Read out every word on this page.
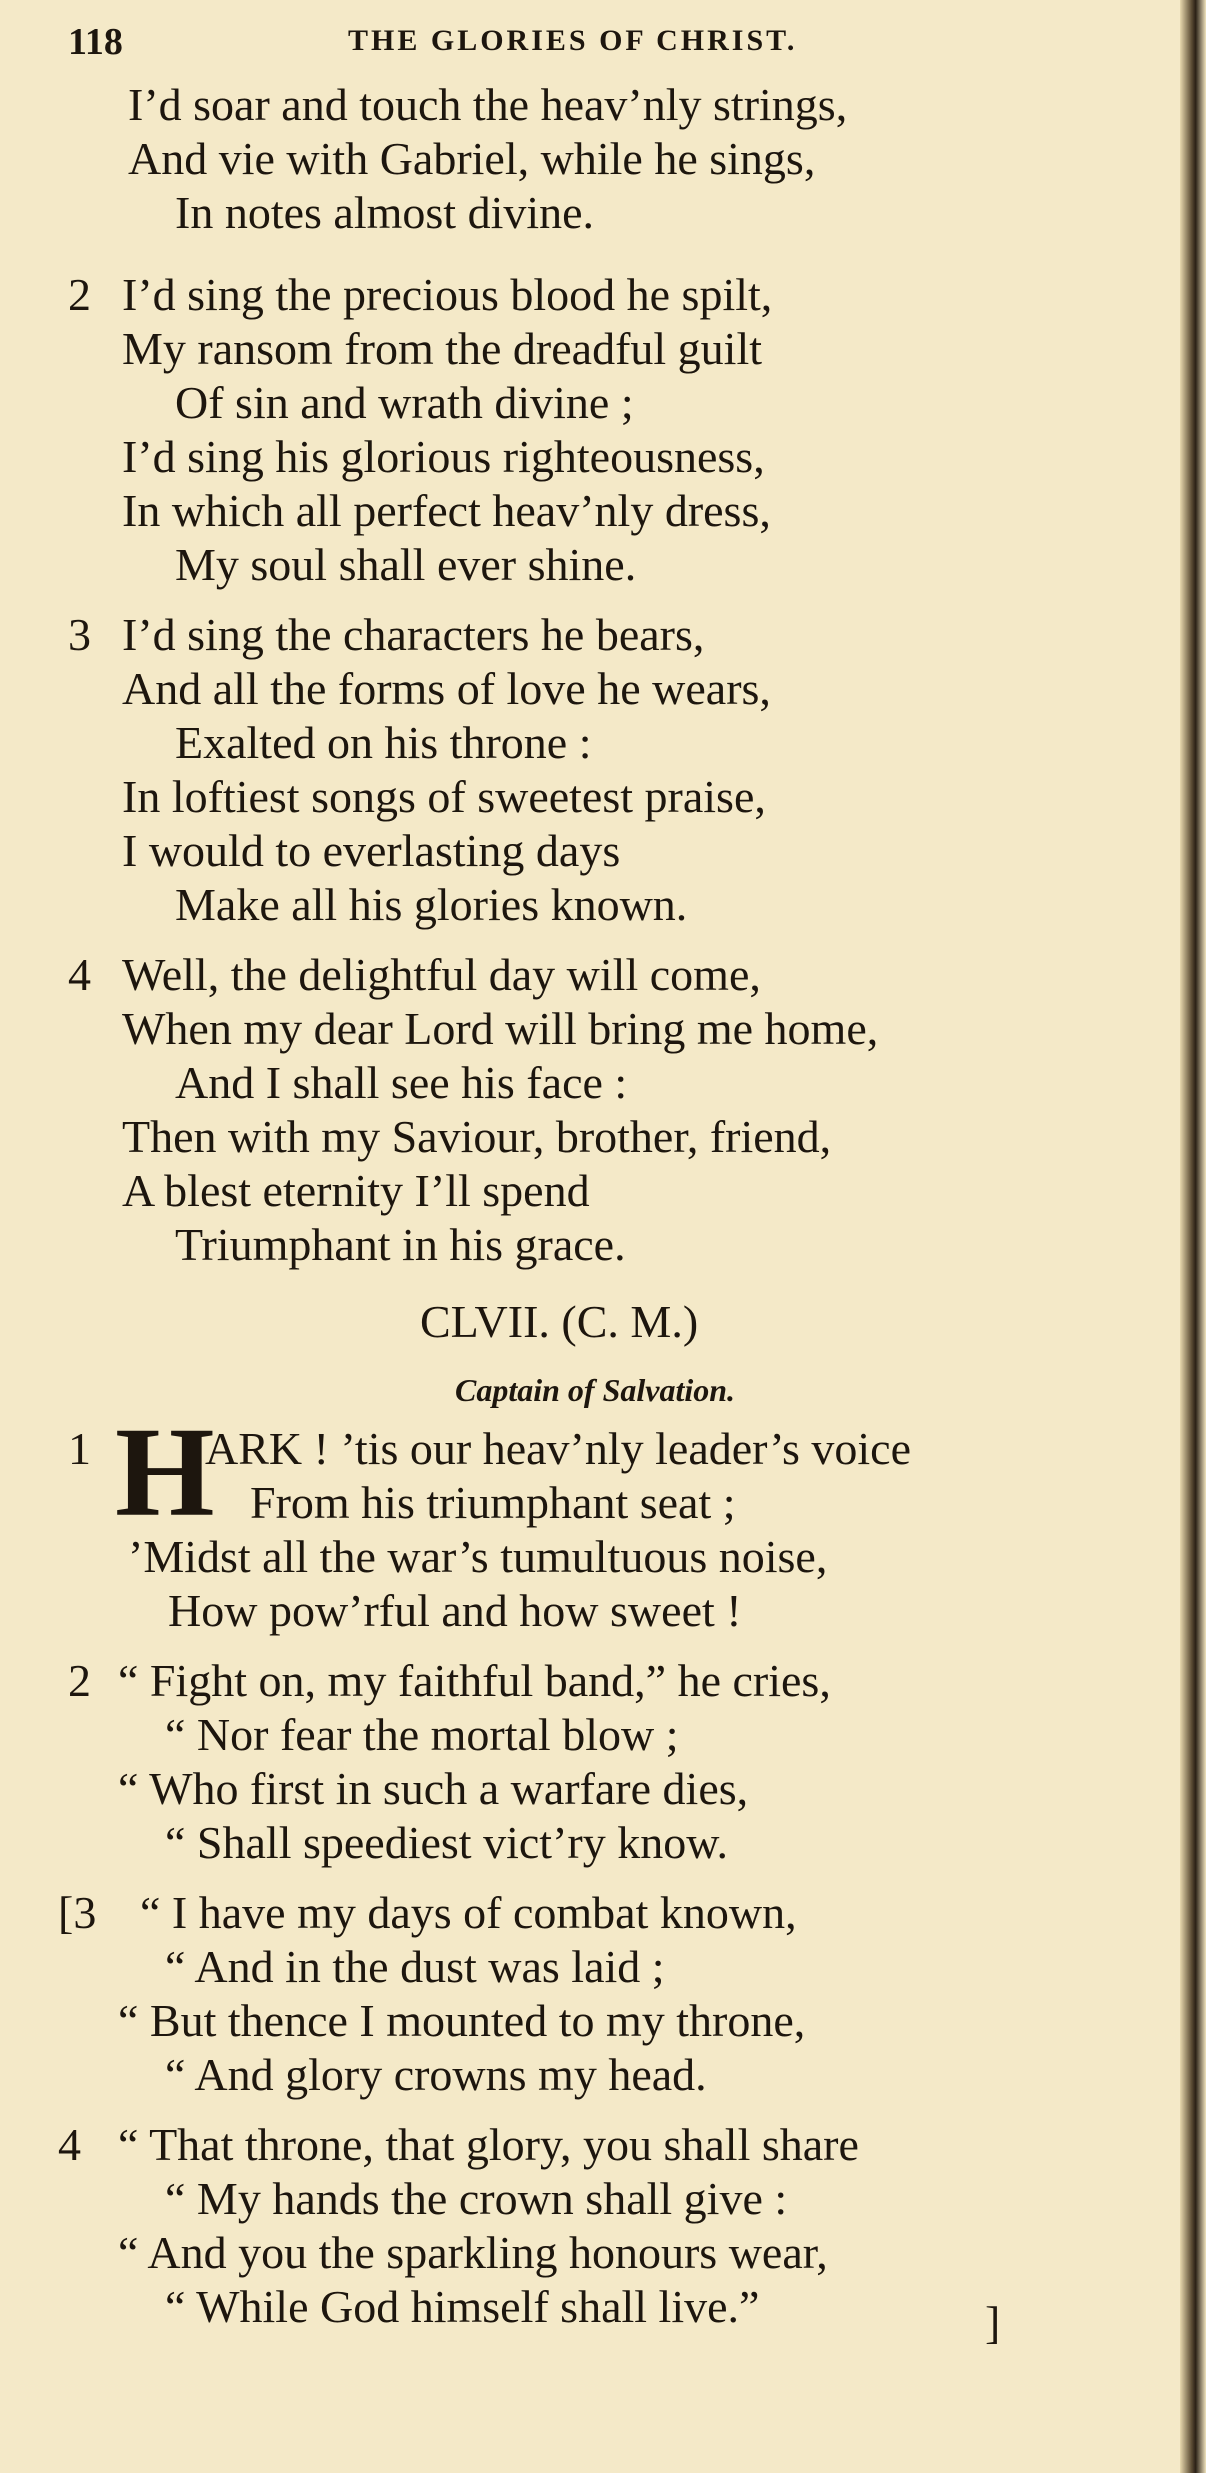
118	THE GLORIES OF CHRIST.
I’d soar and touch the heav’nly strings,
And vie with Gabriel, while he sings,
In notes almost divine.
2 I’d sing the precious blood he spilt,
My ransom from the dreadful guilt
Of sin and wrath divine ;
I’d sing his glorious righteousness,
In which all perfect heav’nly dress,
My soul shall ever shine.
3 I’d sing the characters he bears,
And all the forms of love he wears,
Exalted on his throne :
In loftiest songs of sweetest praise,
I would to everlasting days
Make all his glories known.
4 Well, the delightful day will come,
When my dear Lord will bring me home,
And I shall see his face :
Then with my Saviour, brother, friend,
A blest eternity I’ll spend
Triumphant in his grace.
CLVII. (C. M.)
Captain of Salvation.
1 H
ARK ! ’tis our heav’nly leader’s voice
From his triumphant seat ;
’Midst all the war’s tumultuous noise,
How pow’rful and how sweet !
2 “ Fight on, my faithful band,” he cries,
“ Nor fear the mortal blow ;
“ Who first in such a warfare dies,
“ Shall speediest vict’ry know.
[3 “ I have my days of combat known,
“ And in the dust was laid ;
“ But thence I mounted to my throne,
“ And glory crowns my head.
4 “ That throne, that glory, you shall share
“ My hands the crown shall give :
“ And you the sparkling honours wear,
“ While God himself shall live.”	]
